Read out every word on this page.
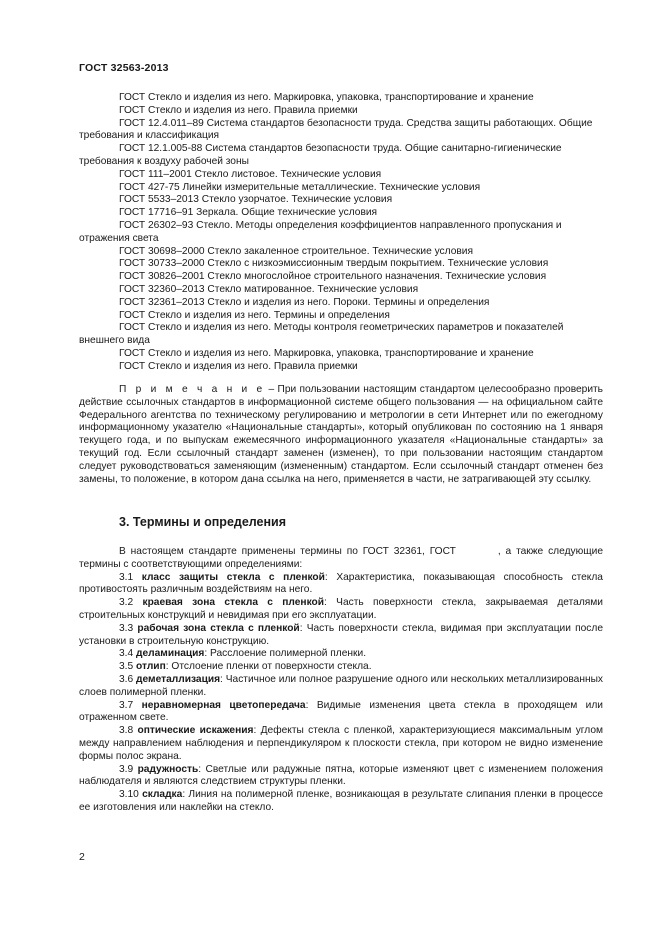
ГОСТ 32563-2013

ГОСТ Стекло и изделия из него. Маркировка, упаковка, транспортирование и хранение

ГОСТ Стекло и изделия из него. Правила приемки

ГОСТ 12.4.011–89 Система стандартов безопасности труда. Средства защиты работающих. Общие требования и классификация

ГОСТ 12.1.005-88 Система стандартов безопасности труда. Общие санитарно-гигиенические требования к воздуху рабочей зоны

ГОСТ 111–2001 Стекло листовое. Технические условия

ГОСТ 427-75 Линейки измерительные металлические. Технические условия

ГОСТ 5533–2013 Стекло узорчатое. Технические условия

ГОСТ 17716–91 Зеркала. Общие технические условия

ГОСТ 26302–93 Стекло. Методы определения коэффициентов направленного пропускания и отражения света

ГОСТ 30698–2000 Стекло закаленное строительное. Технические условия

ГОСТ 30733–2000 Стекло с низкоэмиссионным твердым покрытием. Технические условия

ГОСТ 30826–2001 Стекло многослойное строительного назначения. Технические условия

ГОСТ 32360–2013 Стекло матированное. Технические условия

ГОСТ 32361–2013 Стекло и изделия из него. Пороки. Термины и определения

ГОСТ Стекло и изделия из него. Термины и определения

ГОСТ Стекло и изделия из него. Методы контроля геометрических параметров и показателей внешнего вида

ГОСТ Стекло и изделия из него. Маркировка, упаковка, транспортирование и хранение

ГОСТ Стекло и изделия из него. Правила приемки

П р и м е ч а н и е – При пользовании настоящим стандартом целесообразно проверить действие ссылочных стандартов в информационной системе общего пользования — на официальном сайте Федерального агентства по техническому регулированию и метрологии в сети Интернет или по ежегодному информационному указателю «Национальные стандарты», который опубликован по состоянию на 1 января текущего года, и по выпускам ежемесячного информационного указателя «Национальные стандарты» за текущий год. Если ссылочный стандарт заменен (изменен), то при пользовании настоящим стандартом следует руководствоваться заменяющим (измененным) стандартом. Если ссылочный стандарт отменен без замены, то положение, в котором дана ссылка на него, применяется в части, не затрагивающей эту ссылку.

3. Термины и определения

В настоящем стандарте применены термины по ГОСТ 32361, ГОСТ	, а также следующие термины с соответствующими определениями:

3.1 класс защиты стекла с пленкой: Характеристика, показывающая способность стекла противостоять различным воздействиям на него.

3.2 краевая зона стекла с пленкой: Часть поверхности стекла, закрываемая деталями строительных конструкций и невидимая при его эксплуатации.

3.3 рабочая зона стекла с пленкой: Часть поверхности стекла, видимая при эксплуатации после установки в строительную конструкцию.

3.4 деламинация: Расслоение полимерной пленки.

3.5 отлип: Отслоение пленки от поверхности стекла.

3.6 деметаллизация: Частичное или полное разрушение одного или нескольких металлизированных слоев полимерной пленки.

3.7 неравномерная цветопередача: Видимые изменения цвета стекла в проходящем или отраженном свете.

3.8 оптические искажения: Дефекты стекла с пленкой, характеризующиеся максимальным углом между направлением наблюдения и перпендикуляром к плоскости стекла, при котором не видно изменение формы полос экрана.

3.9 радужность: Светлые или радужные пятна, которые изменяют цвет с изменением положения наблюдателя и являются следствием структуры пленки.

3.10 складка: Линия на полимерной пленке, возникающая в результате слипания пленки в процессе ее изготовления или наклейки на стекло.

2
